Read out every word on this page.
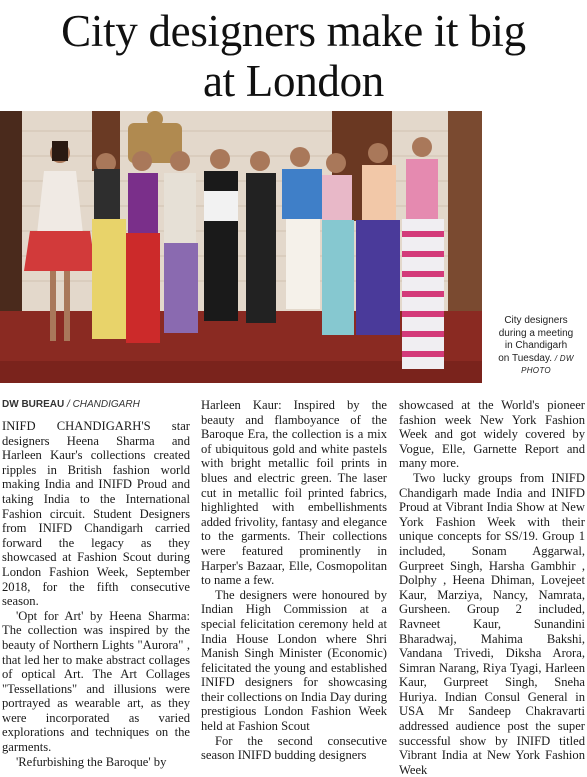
City designers make it big
at London
City designers
during a meeting
in Chandigarh
on Tuesday. / DW
PHOTO
DW BUREAU / CHANDIGARH

INIFD CHANDIGARH'S star designers Heena Sharma and Harleen Kaur's collections created ripples in British fashion world making India and INIFD Proud and taking India to the International Fashion circuit. Student Designers from INIFD Chandigarh carried forward the legacy as they showcased at Fashion Scout during London Fashion Week, September 2018, for the fifth consecutive season.

'Opt for Art' by Heena Sharma: The collection was inspired by the beauty of Northern Lights "Aurora" , that led her to make abstract collages of optical Art. The Art Collages "Tessellations" and illusions were portrayed as wearable art, as they were incorporated as varied explorations and techniques on the garments.

'Refurbishing the Baroque' by

Harleen Kaur: Inspired by the beauty and flamboyance of the Baroque Era, the collection is a mix of ubiquitous gold and white pastels with bright metallic foil prints in blues and electric green. The laser cut in metallic foil printed fabrics, highlighted with embellishments added frivolity, fantasy and elegance to the garments. Their collections were featured prominently in Harper's Bazaar, Elle, Cosmopolitan to name a few.

The designers were honoured by Indian High Commission at a special felicitation ceremony held at India House London where Shri Manish Singh Minister (Economic) felicitated the young and established INIFD designers for showcasing their collections on India Day during prestigious London Fashion Week held at Fashion Scout

For the second consecutive season INIFD budding designers

showcased at the World's pioneer fashion week New York Fashion Week and got widely covered by Vogue, Elle, Garnette Report and many more.

Two lucky groups from INIFD Chandigarh made India and INIFD Proud at Vibrant India Show at New York Fashion Week with their unique concepts for SS/19. Group 1 included, Sonam Aggarwal, Gurpreet Singh, Harsha Gambhir , Dolphy , Heena Dhiman, Lovejeet Kaur, Marziya, Nancy, Namrata, Gursheen. Group 2 included, Ravneet Kaur, Sunandini Bharadwaj, Mahima Bakshi, Vandana Trivedi, Diksha Arora, Simran Narang, Riya Tyagi, Harleen Kaur, Gurpreet Singh, Sneha Huriya. Indian Consul General in USA Mr Sandeep Chakravarti addressed audience post the super successful show by INIFD titled Vibrant India at New York Fashion Week
